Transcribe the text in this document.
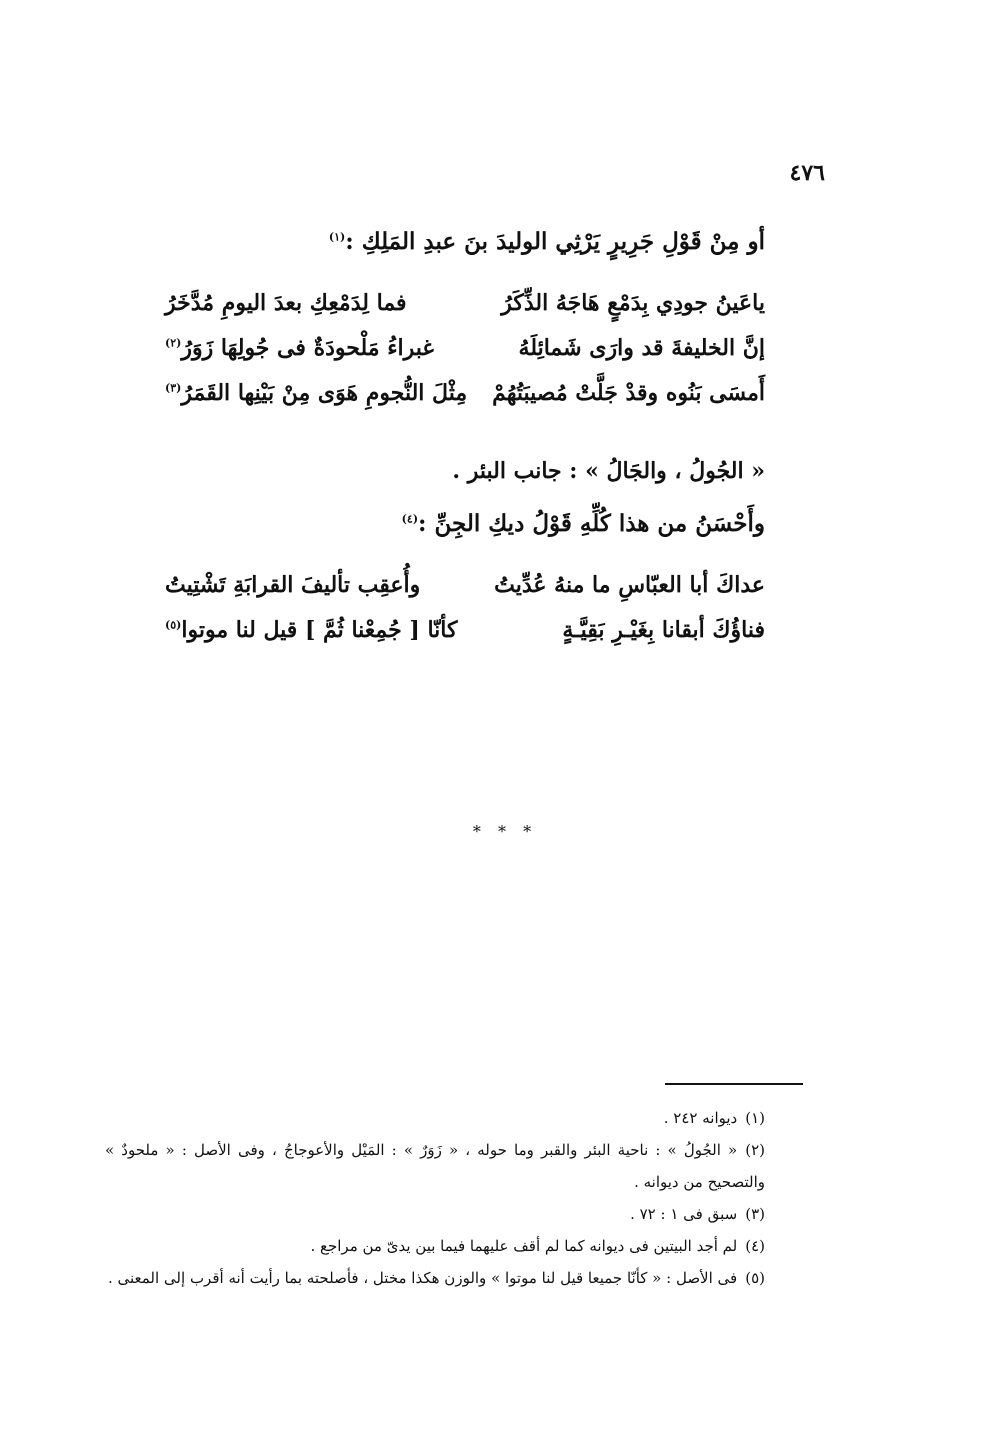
٤٧٦
أو مِنْ قَوْلِ جَرِيرٍ يَرْثِي الوليدَ بنَ عبدِ المَلِكِ :$^{(١)}$
ياعَينُ جودِي بِدَمْعٍ هَاجَهُ الذِّكَرُ
فما لِدَمْعِكِ بعدَ اليومِ مُدَّخَرُ
إنَّ الخليفةَ قد وارَى شَمائِلَهُ
غبراءُ مَلْحودَةٌ فى جُولِهَا زَوَرُ$^{(٢)}$
أَمسَى بَنُوه وقدْ جَلَّتْ مُصيبَتُهُمْ
مِثْلَ النُّجومِ هَوَى مِنْ بَيْنِها القَمَرُ$^{(٣)}$
« الجُولُ ، والجَالُ » : جانب البئر .
وأَحْسَنُ من هذا كُلِّهِ قَوْلُ ديكِ الجِنِّ :$^{(٤)}$
عداكَ أبا العبّاسِ ما منهُ عُدِّيتُ
وأُعقِب تأليفَ القرابَةِ تَشْتِيتُ
فناؤُكَ أبقانا بِغَيْـرِ بَقِيَّـةٍ
كأنّا [ جُمِعْنا ثُمَّ ] قيل لنا موتوا$^{(٥)}$
* * *
(١)ديوانه ٢٤٢ .
(٢)« الجُولُ » : ناحية البئر والقبر وما حوله ، « زَوَرٌ » : المَيْل والأعوجاجُ ، وفى الأصل : « ملحودٌ » والتصحيح من ديوانه .
(٣)سبق فى ١ : ٧٢ .
(٤)لم أجد البيتين فى ديوانه كما لم أقف عليهما فيما بين يدىّ من مراجع .
(٥)فى الأصل : « كأنّا جميعا قيل لنا موتوا » والوزن هكذا مختل ، فأصلحته بما رأيت أنه أقرب إلى المعنى .
